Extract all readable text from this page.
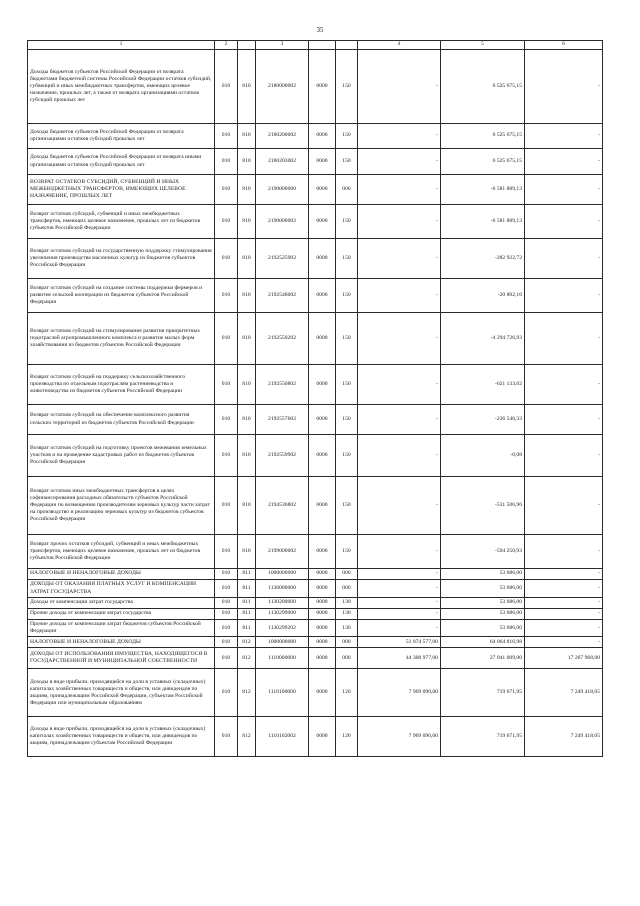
35
1	2		3			4	5	6
Доходы бюджетов субъектов Российской Федерации от возврата бюджетами бюджетной системы Российской Федерации остатков субсидий, субвенций и иных межбюджетных трансфертов, имеющих целевое назначение, прошлых лет, а также от возврата организациями остатков субсидий прошлых лет	010	810	2180000002	0000	150	-	6 525 675,15	-
Доходы бюджетов субъектов Российской Федерации от возврата организациями остатков субсидий прошлых лет	010	810	2180200002	0000	150	-	6 525 675,15	-
Доходы бюджетов субъектов Российской Федерации от возврата иными организациями остатков субсидий прошлых лет	010	810	2180203002	0000	150	-	6 525 675,15	-
ВОЗВРАТ ОСТАТКОВ СУБСИДИЙ, СУБВЕНЦИЙ И ИНЫХ МЕЖБЮДЖЕТНЫХ ТРАНСФЕРТОВ, ИМЕЮЩИХ ЦЕЛЕВОЕ НАЗНАЧЕНИЕ, ПРОШЛЫХ ЛЕТ	010	810	2190000000	0000	000	-	-6 581 889,13	-
Возврат остатков субсидий, субвенций и иных межбюджетных трансфертов, имеющих целевое назначение, прошлых лет из бюджетов субъектов Российской Федерации	010	810	2190000002	0000	150	-	-6 581 889,13	-
Возврат остатков субсидий на государственную поддержку стимулирования увеличения производства масличных культур из бюджетов субъектов Российской Федерации	010	810	2192525902	0000	150	-	-282 922,72	-
Возврат остатков субсидий на создание системы поддержки фермеров и развитие сельской кооперации из бюджетов субъектов Российской Федерации	010	810	2192548002	0000	150	-	-20 802,16	-
Возврат остатков субсидий на стимулирование развития приоритетных подотраслей агропромышленного комплекса и развитие малых форм хозяйствования из бюджетов субъектов Российской Федерации	010	810	2192550202	0000	150	-	-4 294 726,93	-
Возврат остатков субсидий на поддержку сельскохозяйственного производства по отдельным подотраслям растениеводства и животноводства из бюджетов субъектов Российской Федерации	010	810	2192550802	0000	150	-	-621 133,02	-
Возврат остатков субсидий на обеспечение комплексного развития сельских территорий из бюджетов субъектов Российской Федерации	010	810	2192557602	0000	150	-	-236 546,33	-
Возврат остатков субсидий на подготовку проектов межевания земельных участков и на проведение кадастровых работ из бюджетов субъектов Российской Федерации	010	810	2192559902	0000	150	-	-0,08	-
Возврат остатков иных межбюджетных трансфертов в целях софинансирования расходных обязательств субъектов Российской Федерации по возмещению производителям зерновых культур части затрат на производство и реализацию зерновых культур из бюджетов субъектов Российской Федерации	010	810	2194536802	0000	150	-	-531 506,96	-
Возврат прочих остатков субсидий, субвенций и иных межбюджетных трансфертов, имеющих целевое назначение, прошлых лет из бюджетов субъектов Российской Федерации	010	810	2199000002	0000	150	-	-594 250,93	-
НАЛОГОВЫЕ И НЕНАЛОГОВЫЕ ДОХОДЫ	010	811	1000000000	0000	000	-	53 686,00	-
ДОХОДЫ ОТ ОКАЗАНИЯ ПЛАТНЫХ УСЛУГ И КОМПЕНСАЦИИ ЗАТРАТ ГОСУДАРСТВА	010	811	1130000000	0000	000	-	53 686,00	-
Доходы от компенсации затрат государства	010	811	1130200000	0000	130	-	53 686,00	-
Прочие доходы от компенсации затрат государства	010	811	1130299000	0000	130	-	53 686,00	-
Прочие доходы от компенсации затрат бюджетов субъектов Российской Федерации	010	811	1130299202	0000	130	-	53 686,00	-
НАЛОГОВЫЕ И НЕНАЛОГОВЫЕ ДОХОДЫ	010	812	1000000000	0000	000	51 074 577,00	64 064 816,98	-
ДОХОДЫ ОТ ИСПОЛЬЗОВАНИЯ ИМУЩЕСТВА, НАХОДЯЩЕГОСЯ В ГОСУДАРСТВЕННОЙ И МУНИЦИПАЛЬНОЙ СОБСТВЕННОСТИ	010	812	1110000000	0000	000	44 308 977,00	27 041 009,00	17 267 968,00
Доходы в виде прибыли, приходящейся на доли в уставных (складочных) капиталах хозяйственных товариществ и обществ, или дивидендов по акциям, принадлежащим Российской Федерации, субъектам Российской Федерации или муниципальным образованиям	010	812	1110100000	0000	120	7 969 090,00	719 671,95	7 249 418,05
Доходы в виде прибыли, приходящейся на доли в уставных (складочных) капиталах хозяйственных товариществ и обществ, или дивидендов по акциям, принадлежащим субъектам Российской Федерации	010	812	1110102002	0000	120	7 969 090,00	719 671,95	7 249 418,05
